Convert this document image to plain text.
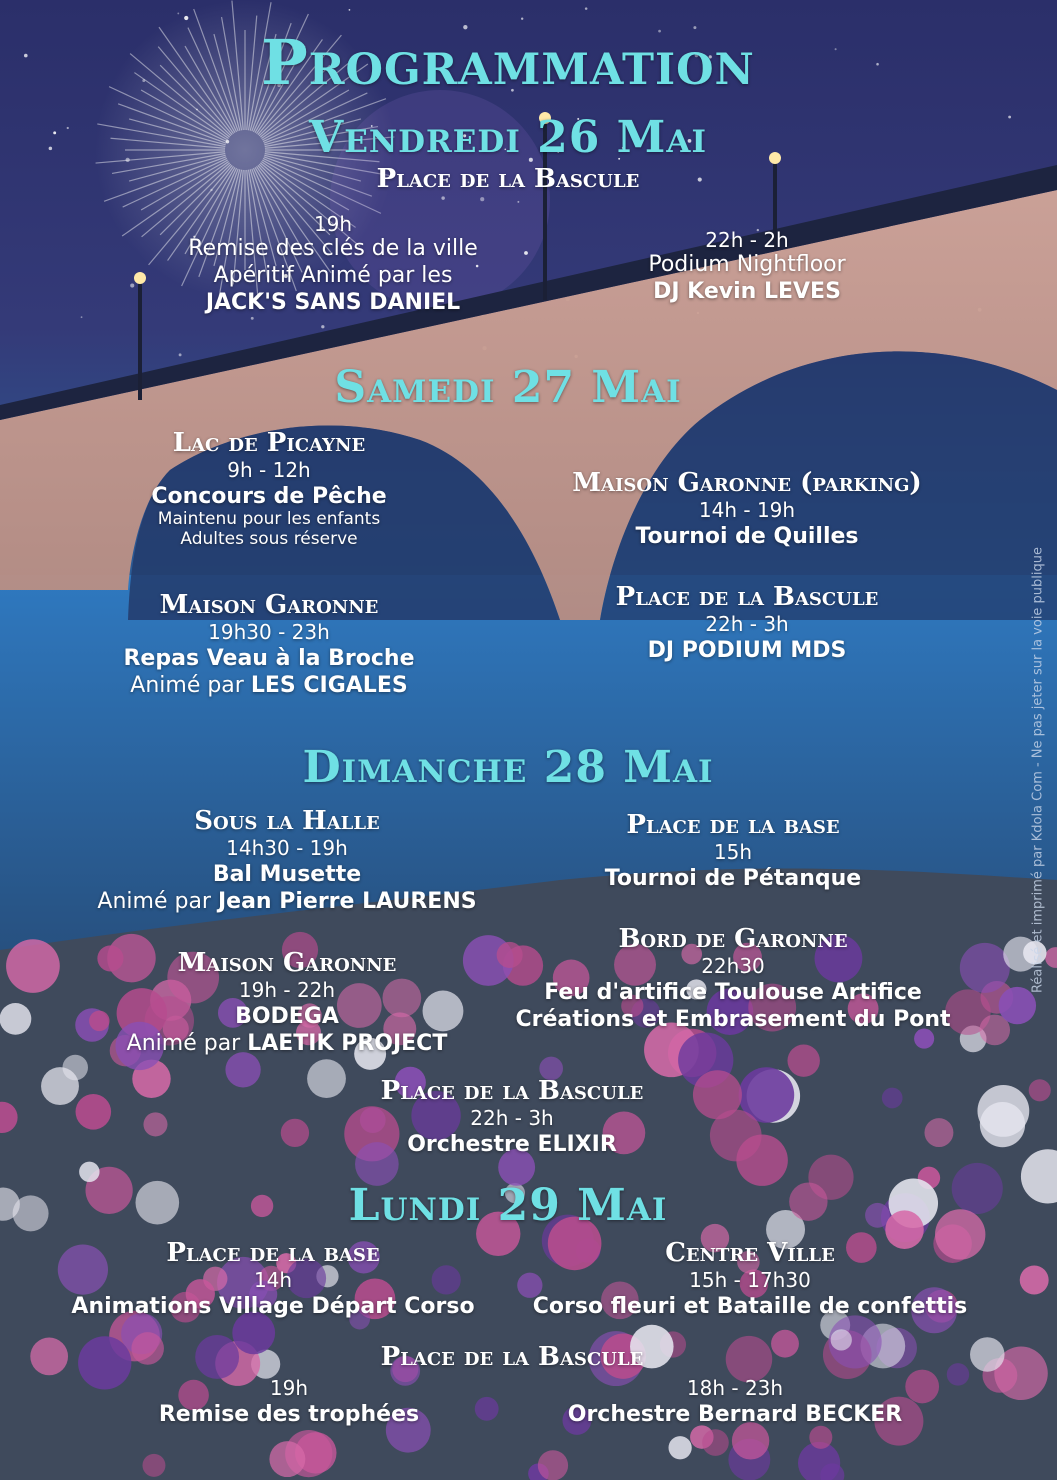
Programmation
Vendredi 26 Mai
Place de la Bascule
19h
Remise des clés de la ville
Apéritif Animé par les
JACK'S SANS DANIEL
22h - 2h
Podium Nightfloor
DJ Kevin LEVES
Samedi 27 Mai
Lac de Picayne
9h - 12h
Concours de Pêche
Maintenu pour les enfants
Adultes sous réserve
Maison Garonne (parking)
14h - 19h
Tournoi de Quilles
Maison Garonne
19h30 - 23h
Repas Veau à la Broche
Animé par LES CIGALES
Place de la Bascule
22h - 3h
DJ PODIUM MDS
Dimanche 28 Mai
Sous la Halle
14h30 - 19h
Bal Musette
Animé par Jean Pierre LAURENS
Place de la base
15h
Tournoi de Pétanque
Maison Garonne
19h - 22h
BODEGA
Animé par LAETIK PROJECT
Bord de Garonne
22h30
Feu d'artifice Toulouse Artifice
Créations et Embrasement du Pont
Place de la Bascule
22h - 3h
Orchestre ELIXIR
Lundi 29 Mai
Place de la base
14h
Animations Village Départ Corso
Centre Ville
15h - 17h30
Corso fleuri et Bataille de confettis
Place de la Bascule
19h
Remise des trophées
18h - 23h
Orchestre Bernard BECKER
Réalisé et imprimé par Kdola Com - Ne pas jeter sur la voie publique
